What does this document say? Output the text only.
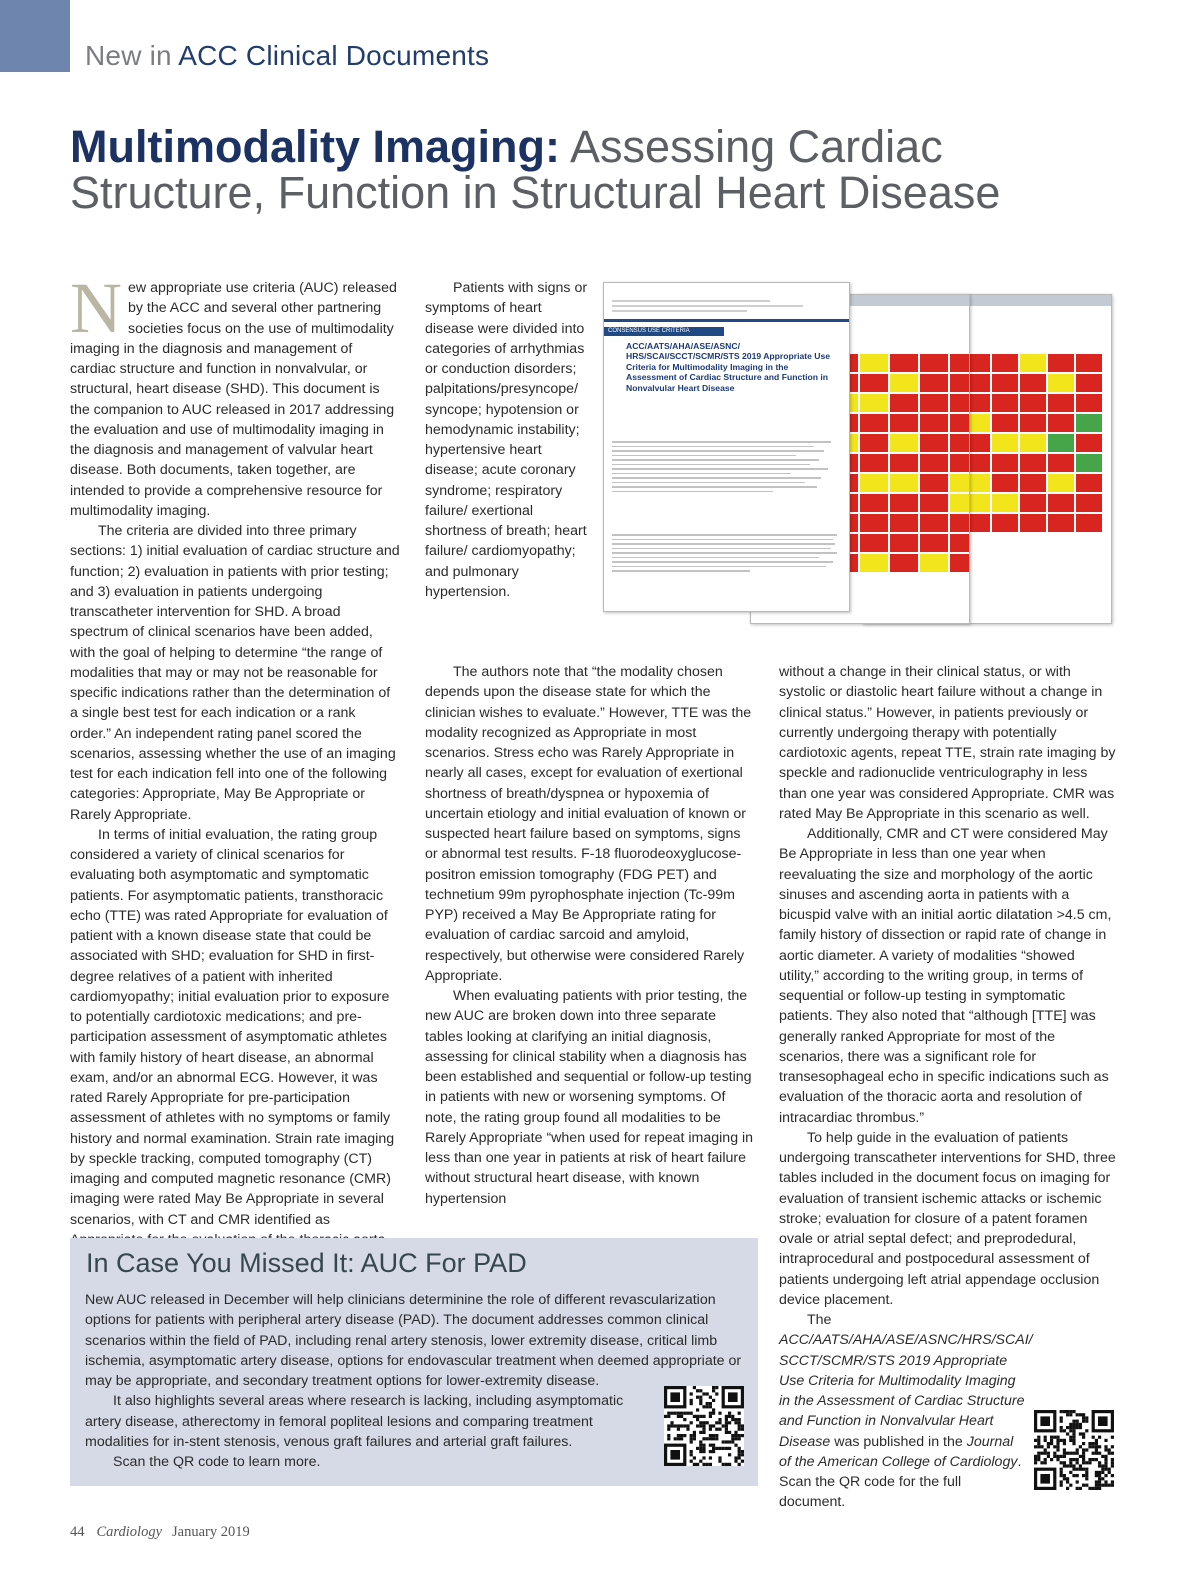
New in ACC Clinical Documents
Multimodality Imaging: Assessing Cardiac Structure, Function in Structural Heart Disease

New appropriate use criteria (AUC) released by the ACC and several other partnering societies focus on the use of multimodality imaging in the diagnosis and management of cardiac structure and function in nonvalvular, or structural, heart disease (SHD). This document is the companion to AUC released in 2017 addressing the evaluation and use of multimodality imaging in the diagnosis and management of valvular heart disease. Both documents, taken together, are intended to provide a comprehensive resource for multimodality imaging.

The criteria are divided into three primary sections: 1) initial evaluation of cardiac structure and function; 2) evaluation in patients with prior testing; and 3) evaluation in patients undergoing transcatheter intervention for SHD. A broad spectrum of clinical scenarios have been added, with the goal of helping to determine “the range of modalities that may or may not be reasonable for specific indications rather than the determination of a single best test for each indication or a rank order.” An independent rating panel scored the scenarios, assessing whether the use of an imaging test for each indication fell into one of the following categories: Appropriate, May Be Appropriate or Rarely Appropriate.

In terms of initial evaluation, the rating group considered a variety of clinical scenarios for evaluating both asymptomatic and symptomatic patients. For asymptomatic patients, transthoracic echo (TTE) was rated Appropriate for evaluation of patient with a known disease state that could be associated with SHD; evaluation for SHD in first-degree relatives of a patient with inherited cardiomyopathy; initial evaluation prior to exposure to potentially cardiotoxic medications; and pre-participation assessment of asymptomatic athletes with family history of heart disease, an abnormal exam, and/or an abnormal ECG. However, it was rated Rarely Appropriate for pre-participation assessment of athletes with no symptoms or family history and normal examination. Strain rate imaging by speckle tracking, computed tomography (CT) imaging and computed magnetic resonance (CMR) imaging were rated May Be Appropriate in several scenarios, with CT and CMR identified as

Patients with signs or symptoms of heart disease were divided into categories of arrhythmias or conduction disorders; palpitations/presyncope/ syncope; hypotension or hemodynamic instability; hypertensive heart disease; acute coronary syndrome; respiratory failure/ exertional shortness of breath; heart failure/ cardiomyopathy; and pulmonary hypertension.

CONSENSUS USE CRITERIA
ACC/AATS/AHA/ASE/ASNC/ HRS/SCAI/SCCT/SCMR/STS 2019 Appropriate Use Criteria for Multimodality Imaging in the Assessment of Cardiac Structure and Function in Nonvalvular Heart Disease

The authors note that “the modality chosen depends upon the disease state for which the clinician wishes to evaluate.” However, TTE was the modality recognized as Appropriate in most scenarios. Stress echo was Rarely Appropriate in nearly all cases, except for evaluation of exertional shortness of breath/dyspnea or hypoxemia of uncertain etiology and initial evaluation of known or suspected heart failure based on symptoms, signs or abnormal test results. F-18 fluorodeoxyglucose-positron emission tomography (FDG PET) and technetium 99m pyrophosphate injection (Tc-99m PYP) received a May Be Appropriate rating for evaluation of cardiac sarcoid and amyloid, respectively, but otherwise were considered Rarely Appropriate.

When evaluating patients with prior testing, the new AUC are broken down into three separate tables looking at clarifying an initial diagnosis, assessing for clinical stability when a diagnosis has been established and sequential or follow-up testing in patients with new or worsening symptoms. Of note, the rating group found all modalities to be Rarely Appropriate “when used for repeat imaging in less than one year in patients at risk of heart failure without structural heart disease, with known hypertension

without a change in their clinical status, or with systolic or diastolic heart failure without a change in clinical status.” However, in patients previously or currently undergoing therapy with potentially cardiotoxic agents, repeat TTE, strain rate imaging by speckle and radionuclide ventriculography in less than one year was considered Appropriate. CMR was rated May Be Appropriate in this scenario as well.

Additionally, CMR and CT were considered May Be Appropriate in less than one year when reevaluating the size and morphology of the aortic sinuses and ascending aorta in patients with a bicuspid valve with an initial aortic dilatation >4.5 cm, family history of dissection or rapid rate of change in aortic diameter. A variety of modalities “showed utility,” according to the writing group, in terms of sequential or follow-up testing in symptomatic patients. They also noted that “although [TTE] was generally ranked Appropriate for most of the scenarios, there was a significant role for transesophageal echo in specific indications such as evaluation of the thoracic aorta and resolution of intracardiac thrombus.”

To help guide in the evaluation of patients undergoing transcatheter interventions for SHD, three tables included in the document focus on imaging for evaluation of transient ischemic attacks or ischemic stroke; evaluation for closure of a patent foramen ovale or atrial septal defect; and preprodedural, intraprocedural and postpocedural assessment of patients undergoing left atrial appendage occlusion device placement.

The ACC/AATS/AHA/ASE/ASNC/HRS/SCAI/ SCCT/SCMR/STS 2019 Appropriate Use Criteria for Multimodality Imaging in the Assessment of Cardiac Structure and Function in Nonvalvular Heart Disease was published in the Journal of the American College of Cardiology. Scan the QR code for the full document.

In Case You Missed It: AUC For PAD

New AUC released in December will help clinicians determinine the role of different revascularization options for patients with peripheral artery disease (PAD). The document addresses common clinical scenarios within the field of PAD, including renal artery stenosis, lower extremity disease, critical limb ischemia, asymptomatic artery disease, options for endovascular treatment when deemed appropriate or may be appropriate, and secondary treatment options for lower-extremity disease.

It also highlights several areas where research is lacking, including asymptomatic artery disease, atherectomy in femoral popliteal lesions and comparing treatment modalities for in-stent stenosis, venous graft failures and arterial graft failures.

Scan the QR code to learn more.

44 Cardiology January 2019
